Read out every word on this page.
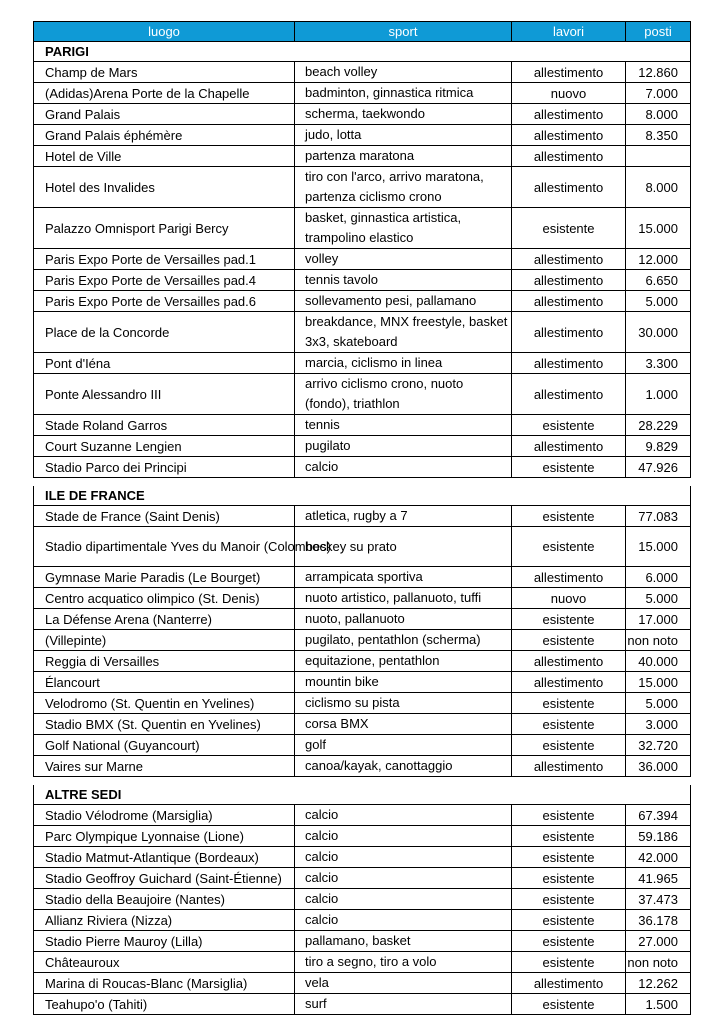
luogo	sport	lavori	posti
PARIGI			
Champ de Mars	beach volley	allestimento	12.860
(Adidas)Arena Porte de la Chapelle	badminton, ginnastica ritmica	nuovo	7.000
Grand Palais	scherma, taekwondo	allestimento	8.000
Grand Palais éphémère	judo, lotta	allestimento	8.350
Hotel de Ville	partenza maratona	allestimento	
Hotel des Invalides	tiro con l'arco, arrivo maratona, partenza ciclismo crono	allestimento	8.000
Palazzo Omnisport Parigi Bercy	basket, ginnastica artistica, trampolino elastico	esistente	15.000
Paris Expo Porte de Versailles pad.1	volley	allestimento	12.000
Paris Expo Porte de Versailles pad.4	tennis tavolo	allestimento	6.650
Paris Expo Porte de Versailles pad.6	sollevamento pesi, pallamano	allestimento	5.000
Place de la Concorde	breakdance, MNX freestyle, basket 3x3, skateboard	allestimento	30.000
Pont d'Iéna	marcia, ciclismo in linea	allestimento	3.300
Ponte Alessandro III	arrivo ciclismo crono, nuoto (fondo), triathlon	allestimento	1.000
Stade Roland Garros	tennis	esistente	28.229
Court Suzanne Lengien	pugilato	allestimento	9.829
Stadio Parco dei Principi	calcio	esistente	47.926

ILE DE FRANCE			
Stade de France (Saint Denis)	atletica, rugby a 7	esistente	77.083
Stadio dipartimentale Yves du Manoir (Colombes)	hockey su prato	esistente	15.000
Gymnase Marie Paradis (Le Bourget)	arrampicata sportiva	allestimento	6.000
Centro acquatico olimpico (St. Denis)	nuoto artistico, pallanuoto, tuffi	nuovo	5.000
La Défense Arena (Nanterre)	nuoto, pallanuoto	esistente	17.000
(Villepinte)	pugilato, pentathlon (scherma)	esistente	non noto
Reggia di Versailles	equitazione, pentathlon	allestimento	40.000
Élancourt	mountin bike	allestimento	15.000
Velodromo (St. Quentin en Yvelines)	ciclismo su pista	esistente	5.000
Stadio BMX (St. Quentin en Yvelines)	corsa BMX	esistente	3.000
Golf National (Guyancourt)	golf	esistente	32.720
Vaires sur Marne	canoa/kayak, canottaggio	allestimento	36.000

ALTRE SEDI			
Stadio Vélodrome (Marsiglia)	calcio	esistente	67.394
Parc Olympique Lyonnaise (Lione)	calcio	esistente	59.186
Stadio Matmut-Atlantique (Bordeaux)	calcio	esistente	42.000
Stadio Geoffroy Guichard (Saint-Étienne)	calcio	esistente	41.965
Stadio della Beaujoire (Nantes)	calcio	esistente	37.473
Allianz Riviera (Nizza)	calcio	esistente	36.178
Stadio Pierre Mauroy (Lilla)	pallamano, basket	esistente	27.000
Châteauroux	tiro a segno, tiro a volo	esistente	non noto
Marina di Roucas-Blanc (Marsiglia)	vela	allestimento	12.262
Teahupo'o (Tahiti)	surf	esistente	1.500
